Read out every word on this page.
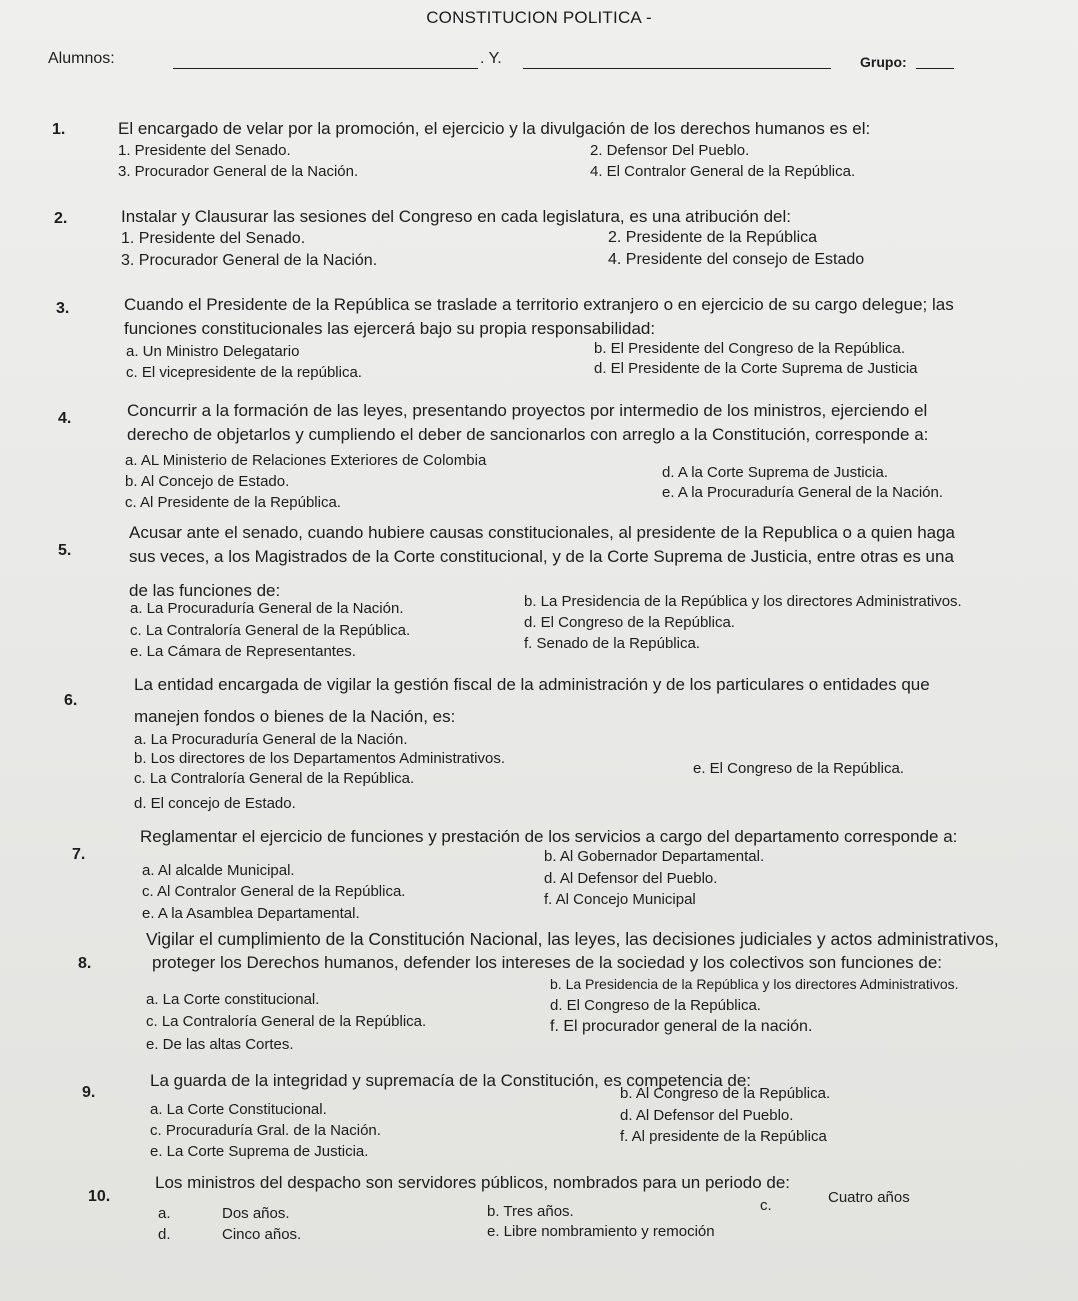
CONSTITUCION POLITICA -
Alumnos:	. Y.	Grupo:
1.	El encargado de velar por la promoción, el ejercicio y la divulgación de los derechos humanos es el:
1. Presidente del Senado.	2. Defensor Del Pueblo.
3. Procurador General de la Nación.	4. El Contralor General de la República.
2.	Instalar y Clausurar las sesiones del Congreso en cada legislatura, es una atribución del:
1. Presidente del Senado.	2. Presidente de la República
3. Procurador General de la Nación.	4. Presidente del consejo de Estado
3.	Cuando el Presidente de la República se traslade a territorio extranjero o en ejercicio de su cargo delegue; las
funciones constitucionales las ejercerá bajo su propia responsabilidad:
a. Un Ministro Delegatario	b. El Presidente del Congreso de la República.
c. El vicepresidente de la república.	d. El Presidente de la Corte Suprema de Justicia
4.	Concurrir a la formación de las leyes, presentando proyectos por intermedio de los ministros, ejerciendo el
derecho de objetarlos y cumpliendo el deber de sancionarlos con arreglo a la Constitución, corresponde a:
a. AL Ministerio de Relaciones Exteriores de Colombia
b. Al Concejo de Estado.
c. Al Presidente de la República.
d. A la Corte Suprema de Justicia.
e. A la Procuraduría General de la Nación.
5.
Acusar ante el senado, cuando hubiere causas constitucionales, al presidente de la Republica o a quien haga
sus veces, a los Magistrados de la Corte constitucional, y de la Corte Suprema de Justicia, entre otras es una
de las funciones de:
a. La Procuraduría General de la Nación.	b. La Presidencia de la República y los directores Administrativos.
c. La Contraloría General de la República.	d. El Congreso de la República.
e. La Cámara de Representantes.	f. Senado de la República.
6.
La entidad encargada de vigilar la gestión fiscal de la administración y de los particulares o entidades que
manejen fondos o bienes de la Nación, es:
a. La Procuraduría General de la Nación.
b. Los directores de los Departamentos Administrativos.
c. La Contraloría General de la República.
d. El concejo de Estado.
e. El Congreso de la República.
7.
Reglamentar el ejercicio de funciones y prestación de los servicios a cargo del departamento corresponde a:
a. Al alcalde Municipal.
b. Al Gobernador Departamental.
c. Al Contralor General de la República.
d. Al Defensor del Pueblo.
e. A la Asamblea Departamental.
f. Al Concejo Municipal
8.
Vigilar el cumplimiento de la Constitución Nacional, las leyes, las decisiones judiciales y actos administrativos,
proteger los Derechos humanos, defender los intereses de la sociedad y los colectivos son funciones de:
a. La Corte constitucional.
b. La Presidencia de la República y los directores Administrativos.
c. La Contraloría General de la República.
d. El Congreso de la República.
e. De las altas Cortes.
f. El procurador general de la nación.
9.
La guarda de la integridad y supremacía de la Constitución, es competencia de:
a. La Corte Constitucional.
b. Al Congreso de la República.
c. Procuraduría Gral. de la Nación.
d. Al Defensor del Pueblo.
e. La Corte Suprema de Justicia.
f. Al presidente de la República
10.
Los ministros del despacho son servidores públicos, nombrados para un periodo de:
a.	Dos años.	b. Tres años.	c.	Cuatro años
d.	Cinco años.	e. Libre nombramiento y remoción
